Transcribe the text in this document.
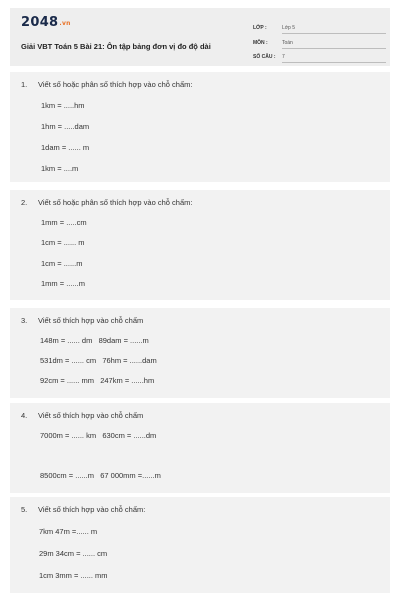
2048.vn
Giải VBT Toán 5 Bài 21: Ôn tập bảng đơn vị đo độ dài
LỚP :	Lớp 5
MÔN :	Toán
SỐ CÂU : 7
1.	Viết số hoặc phân số thích hợp vào chỗ chấm:
1km = .....hm
1hm = .....dam
1dam = ...... m
1km = ....m
2.	Viết số hoặc phân số thích hợp vào chỗ chấm:
1mm = .....cm
1cm = ...... m
1cm = ......m
1mm = ......m
3.	Viết số thích hợp vào chỗ chấm
148m = ...... dm   89dam = ......m
531dm = ...... cm   76hm = ......dam
92cm = ...... mm   247km = ......hm
4.	Viết số thích hợp vào chỗ chấm
7000m = ...... km   630cm = ......dm
8500cm = ......m   67 000mm =......m
5.	Viết số thích hợp vào chỗ chấm:
7km 47m =...... m
29m 34cm = ...... cm
1cm 3mm = ...... mm
